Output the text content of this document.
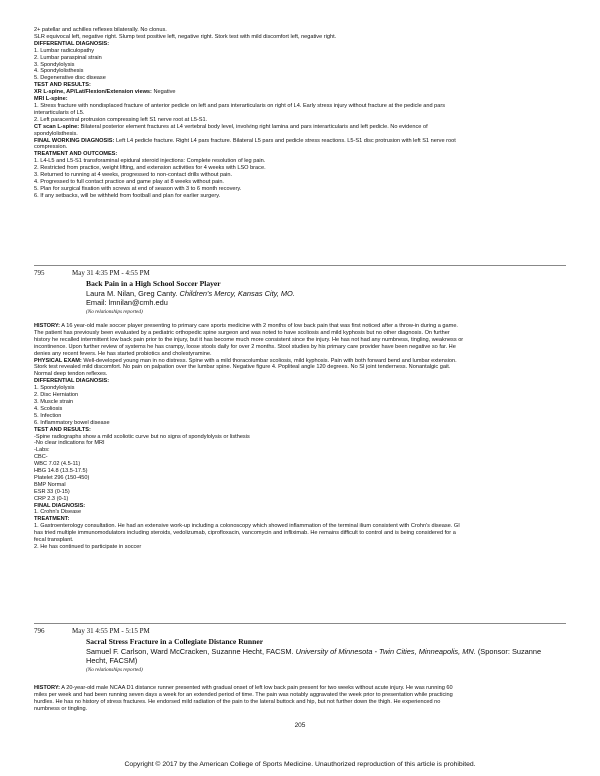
2+ patellar and achilles reflexes bilaterally. No clonus.
SLR equivocal left, negative right. Slump test positive left, negative right. Stork test with mild discomfort left, negative right.
DIFFERENTIAL DIAGNOSIS:
1. Lumbar radiculopathy
2. Lumbar paraspinal strain
3. Spondylolysis
4. Spondylolisthesis
5. Degenerative disc disease
TEST AND RESULTS:

XR L-spine, AP/Lat/Flexion/Extension views: Negative

MRI L-spine:

1. Stress fracture with nondisplaced fracture of anterior pedicle on left and pars interarticularis on right of L4. Early stress injury without fracture at the pedicle and pars
interarticularis of L5.
2. Left paracentral protrusion compressing left S1 nerve root at L5-S1.
CT scan L-spine: Bilateral posterior element fractures at L4 vertebral body level, involving right lamina and pars interarticularis and left pedicle. No evidence of
spondylolisthesis.
FINAL WORKING DIAGNOSIS: Left L4 pedicle fracture. Right L4 pars fracture. Bilateral L5 pars and pedicle stress reactions. L5-S1 disc protrusion with left S1 nerve root
compression.

TREATMENT AND OUTCOMES:

1. L4-L5 and L5-S1 transforaminal epidural steroid injections: Complete resolution of leg pain.
2. Restricted from practice, weight lifting, and extension activities for 4 weeks with LSO brace.
3. Returned to running at 4 weeks, progressed to non-contact drills without pain.
4. Progressed to full contact practice and game play at 8 weeks without pain.
5. Plan for surgical fixation with screws at end of season with 3 to 6 month recovery.
6. If any setbacks, will be withheld from football and plan for earlier surgery.
795	May 31 4:35 PM - 4:55 PM
Back Pain in a High School Soccer Player
Laura M. Nilan, Greg Canty. Children's Mercy, Kansas City, MO.
Email: lmnilan@cmh.edu
(No relationships reported)
HISTORY: A 16 year-old male soccer player presenting to primary care sports medicine with 2 months of low back pain that was first noticed after a throw-in during a game.
The patient has previously been evaluated by a pediatric orthopedic spine surgeon and was noted to have scoliosis and mild kyphosis but no other diagnosis. On further
history he recalled intermittent low back pain prior to the injury, but it has become much more consistent since the injury. He has not had any numbness, tingling, weakness or
incontinence. Upon further review of systems he has crampy, loose stools daily for over 2 months. Stool studies by his primary care provider have been negative so far. He
denies any recent fevers. He has started probiotics and cholestyramine.
PHYSICAL EXAM: Well-developed young man in no distress. Spine with a mild thoracolumbar scoliosis, mild kyphosis. Pain with both forward bend and lumbar extension.
Stork test revealed mild discomfort. No pain on palpation over the lumbar spine. Negative figure 4. Popliteal angle 120 degrees. No SI joint tenderness. Nonantalgic gait.
Normal deep tendon reflexes.

DIFFERENTIAL DIAGNOSIS:

1. Spondylolysis
2. Disc Herniation
3. Muscle strain
4. Scoliosis
5. Infection
6. Inflammatory bowel disease

TEST AND RESULTS:

-Spine radiographs show a mild scoliotic curve but no signs of spondylolysis or listhesis
-No clear indications for MRI
-Labs:
CBC-
WBC 7.02 (4.5-11)
HBG 14.8 (13.5-17.5)
Platelet 296 (150-450)
BMP Normal
ESR 33 (0-15)
CRP 2.3 (0-1)

FINAL DIAGNOSIS:

1. Crohn's Disease

TREATMENT:

1. Gastroenterology consultation. He had an extensive work-up including a colonoscopy which showed inflammation of the terminal ilium consistent with Crohn's disease. GI
has tried multiple immunomodulators including steroids, vedolizumab, ciprofloxacin, vancomycin and infliximab. He remains difficult to control and is being considered for a
fecal transplant.
2. He has continued to participate in soccer
796	May 31 4:55 PM - 5:15 PM
Sacral Stress Fracture in a Collegiate Distance Runner
Samuel F. Carlson, Ward McCracken, Suzanne Hecht, FACSM. University of Minnesota - Twin Cities, Minneapolis, MN. (Sponsor: Suzanne
Hecht, FACSM)
(No relationships reported)
HISTORY: A 20-year-old male NCAA D1 distance runner presented with gradual onset of left low back pain present for two weeks without acute injury. He was running 60
miles per week and had been running seven days a week for an extended period of time. The pain was notably aggravated the week prior to presentation while practicing
hurdles. He has no history of stress fractures. He endorsed mild radiation of the pain to the lateral buttock and hip, but not further down the thigh. He experienced no
numbness or tingling.
205
Copyright © 2017 by the American College of Sports Medicine. Unauthorized reproduction of this article is prohibited.
